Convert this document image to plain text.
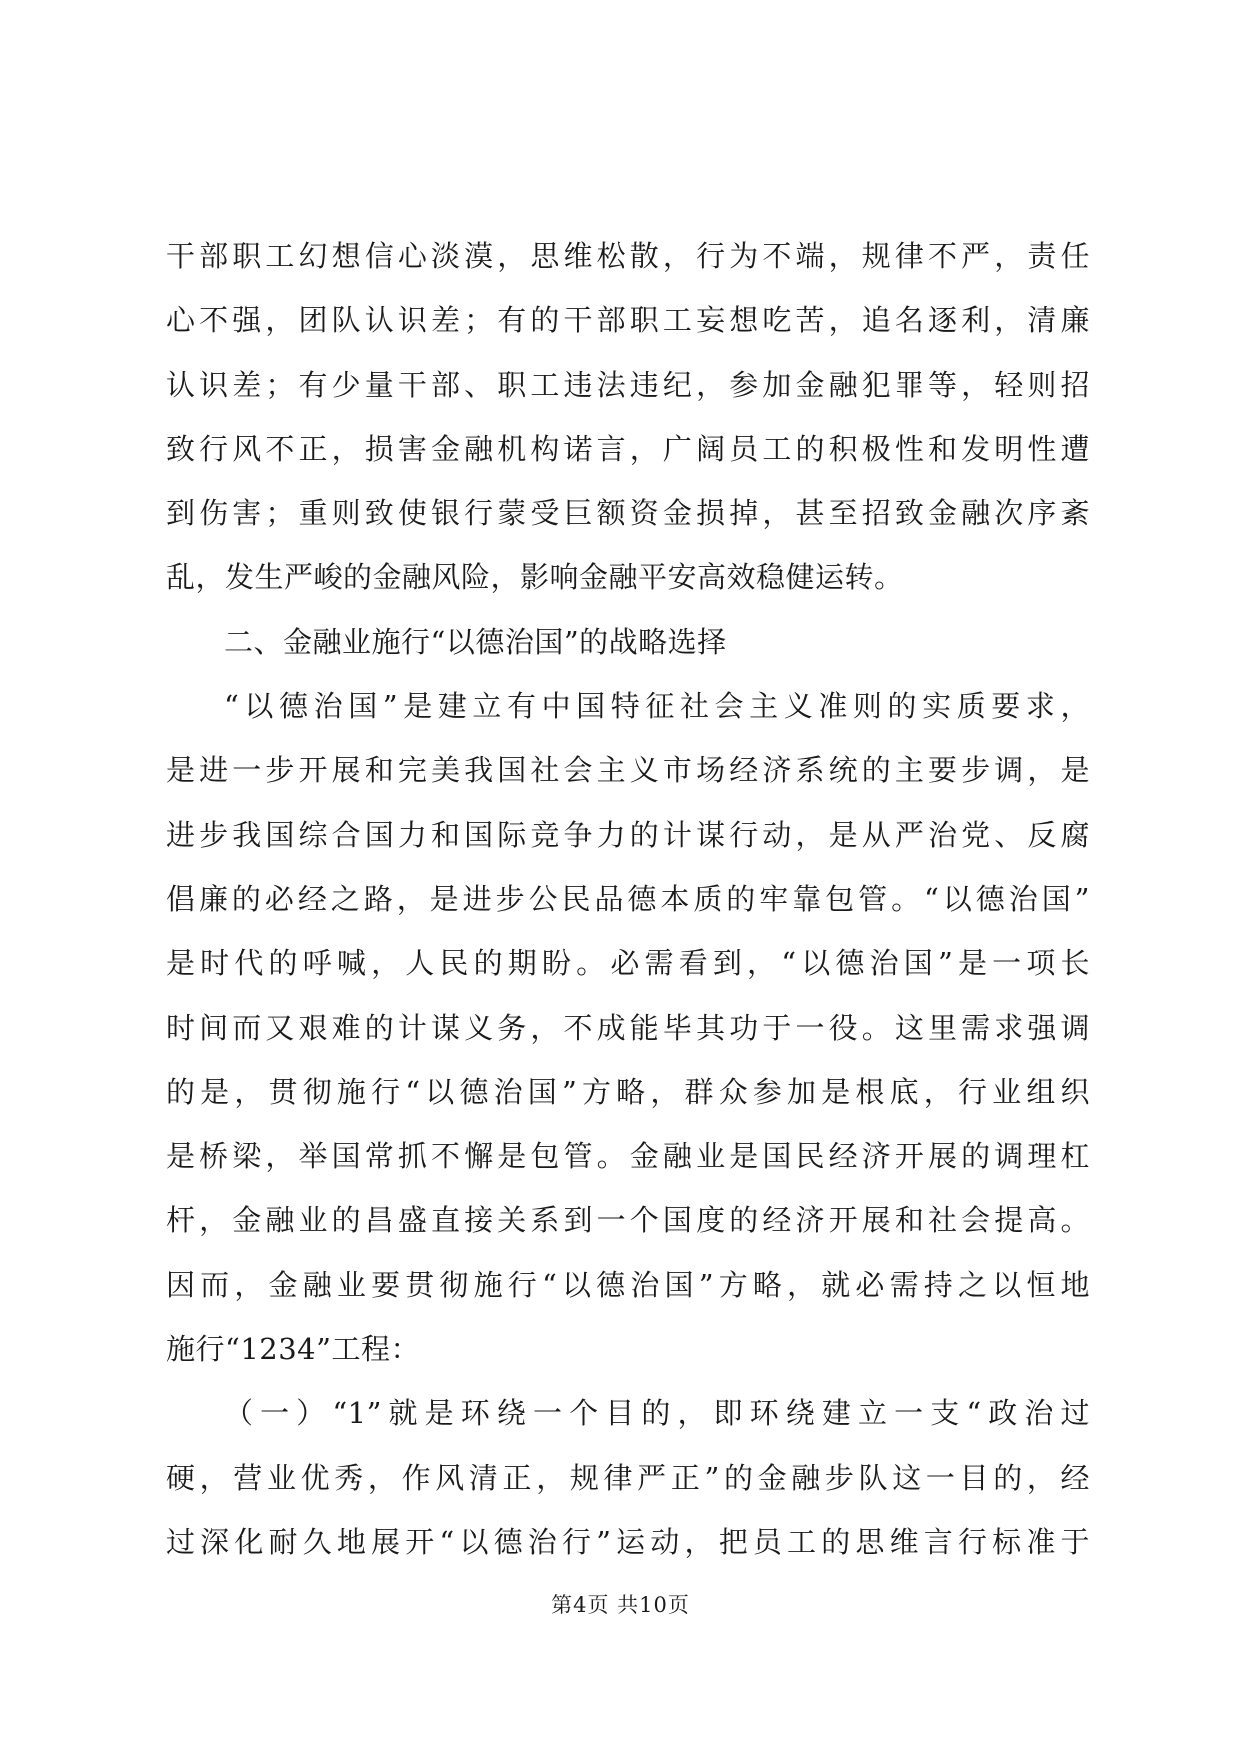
干部职工幻想信心淡漠，思维松散，行为不端，规律不严，责任
心不强，团队认识差；有的干部职工妄想吃苦，追名逐利，清廉
认识差；有少量干部、职工违法违纪，参加金融犯罪等，轻则招
致行风不正，损害金融机构诺言，广阔员工的积极性和发明性遭
到伤害；重则致使银行蒙受巨额资金损掉，甚至招致金融次序紊
乱，发生严峻的金融风险，影响金融平安高效稳健运转。
二、金融业施行“以德治国”的战略选择
“以德治国”是建立有中国特征社会主义准则的实质要求，
是进一步开展和完美我国社会主义市场经济系统的主要步调，是
进步我国综合国力和国际竞争力的计谋行动，是从严治党、反腐
倡廉的必经之路，是进步公民品德本质的牢靠包管。“以德治国”
是时代的呼喊，人民的期盼。必需看到，“以德治国”是一项长
时间而又艰难的计谋义务，不成能毕其功于一役。这里需求强调
的是，贯彻施行“以德治国”方略，群众参加是根底，行业组织
是桥梁，举国常抓不懈是包管。金融业是国民经济开展的调理杠
杆，金融业的昌盛直接关系到一个国度的经济开展和社会提高。
因而，金融业要贯彻施行“以德治国”方略，就必需持之以恒地
施行“1234”工程：
（一）“1”就是环绕一个目的，即环绕建立一支“政治过
硬，营业优秀，作风清正，规律严正”的金融步队这一目的，经
过深化耐久地展开“以德治行”运动，把员工的思维言行标准于
第4页 共10页
